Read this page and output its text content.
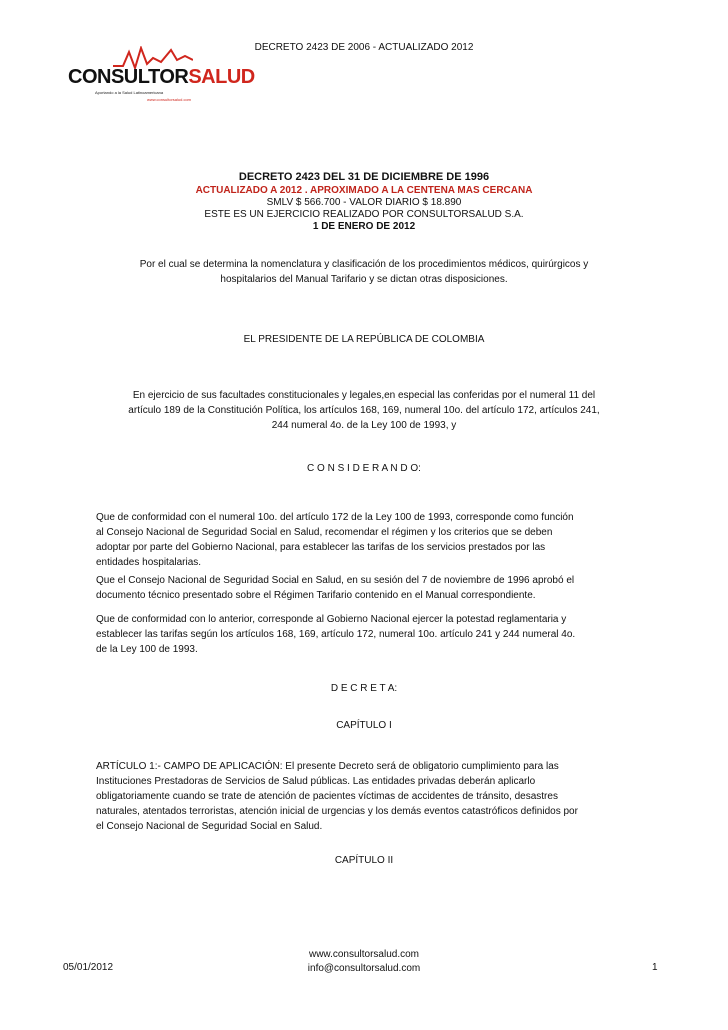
DECRETO 2423 DE 2006 - ACTUALIZADO 2012
CONSULTORSALUD
Aportando a la Salud Latinoamericana
www.consultorsalud.com
DECRETO 2423 DEL 31 DE DICIEMBRE DE 1996
ACTUALIZADO A 2012 . APROXIMADO A LA CENTENA MAS CERCANA
SMLV $ 566.700 - VALOR DIARIO $ 18.890
ESTE ES UN EJERCICIO REALIZADO POR CONSULTORSALUD S.A.
1 DE ENERO DE 2012

Por el cual se determina la nomenclatura y clasificación de los procedimientos médicos, quirúrgicos y

hospitalarios del Manual Tarifario y se dictan otras disposiciones.

EL PRESIDENTE DE LA REPÚBLICA DE COLOMBIA

En ejercicio de sus facultades constitucionales y legales,en especial las conferidas por el numeral 11 del

artículo 189 de la Constitución Política, los artículos 168, 169, numeral 10o. del artículo 172, artículos 241,

244 numeral 4o. de la Ley 100 de 1993, y

C O N S I D E R A N D O:

Que de conformidad con el numeral 10o. del artículo 172 de la Ley 100 de 1993, corresponde como función

al Consejo Nacional de Seguridad Social en Salud, recomendar el régimen y los criterios que se deben

adoptar por parte del Gobierno Nacional, para establecer las tarifas de los servicios prestados por las

entidades hospitalarias.

Que el Consejo Nacional de Seguridad Social en Salud, en su sesión del 7 de noviembre de 1996 aprobó el

documento técnico presentado sobre el Régimen Tarifario contenido en el Manual correspondiente.

Que de conformidad con lo anterior, corresponde al Gobierno Nacional ejercer la potestad reglamentaria y

establecer las tarifas según los artículos 168, 169, artículo 172, numeral 10o. artículo 241 y 244 numeral 4o.

de la Ley 100 de 1993.

D E C R E T A:
CAPÍTULO I

ARTÍCULO 1:- CAMPO DE APLICACIÓN: El presente Decreto será de obligatorio cumplimiento para las

Instituciones Prestadoras de Servicios de Salud públicas. Las entidades privadas deberán aplicarlo

obligatoriamente cuando se trate de atención de pacientes víctimas de accidentes de tránsito, desastres

naturales, atentados terroristas, atención inicial de urgencias y los demás eventos catastróficos definidos por

el Consejo Nacional de Seguridad Social en Salud.

CAPÍTULO II
05/01/2012
www.consultorsalud.com
info@consultorsalud.com	1
